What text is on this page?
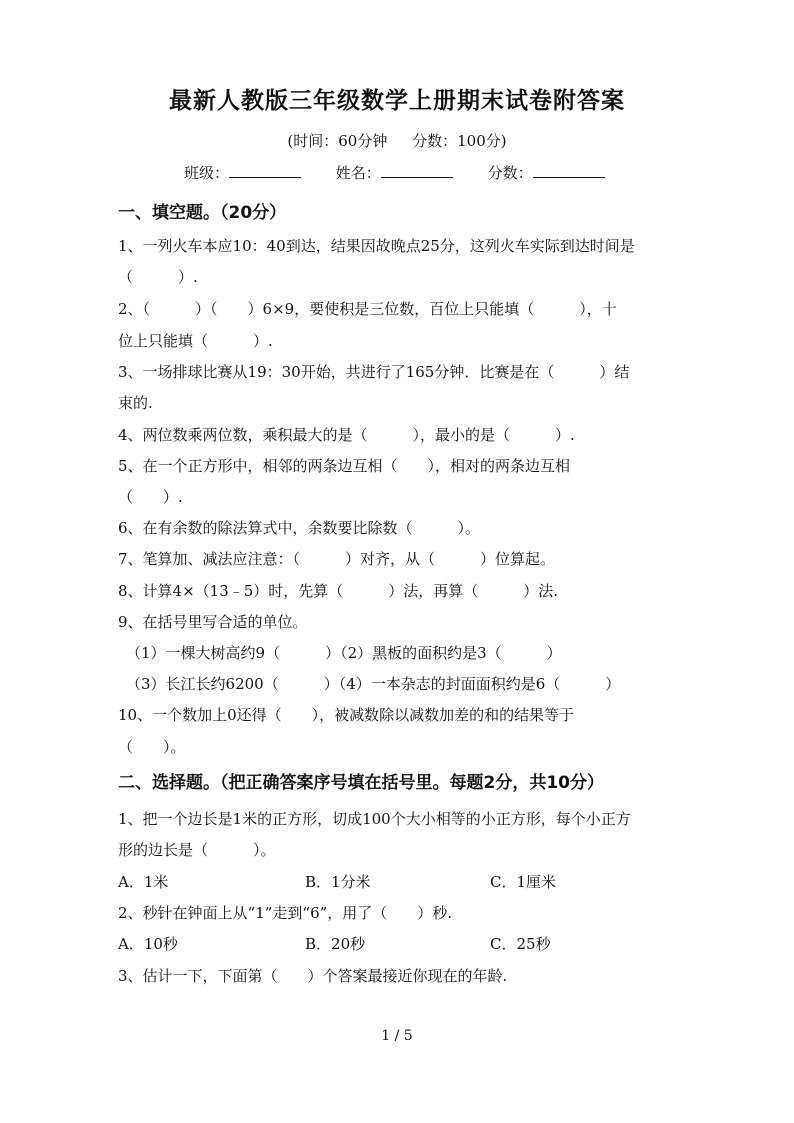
最新人教版三年级数学上册期末试卷附答案
(时间：60分钟 分数：100分)
班级：	姓名：	分数：
一、填空题。（20分）
1、一列火车本应10：40到达，结果因故晚点25分，这列火车实际到达时间是
（　　　）.
2、（　　　）（　　）6×9，要使积是三位数，百位上只能填（　　　），十
位上只能填（　　　）.
3、一场排球比赛从19：30开始，共进行了165分钟．比赛是在（　　　）结
束的.
4、两位数乘两位数，乘积最大的是（　　　），最小的是（　　　）.
5、在一个正方形中，相邻的两条边互相（　　），相对的两条边互相
（　　）.
6、在有余数的除法算式中，余数要比除数（　　　）。
7、笔算加、减法应注意：（　　　）对齐，从（　　　）位算起。
8、计算4×（13﹣5）时，先算（　　　）法，再算（　　　）法.
9、在括号里写合适的单位。
（1）一棵大树高约9（　　　）（2）黑板的面积约是3（　　　）
（3）长江长约6200（　　　）（4）一本杂志的封面面积约是6（　　　）
10、一个数加上0还得（　　），被减数除以减数加差的和的结果等于
（　　）。
二、选择题。（把正确答案序号填在括号里。每题2分，共10分）
1、把一个边长是1米的正方形，切成100个大小相等的小正方形，每个小正方
形的边长是（　　　）。
A．1米	B．1分米	C．1厘米
2、秒针在钟面上从“1”走到“6”，用了（　　）秒.
A．10秒	B．20秒	C．25秒
3、估计一下，下面第（　　）个答案最接近你现在的年龄.
1 / 5
